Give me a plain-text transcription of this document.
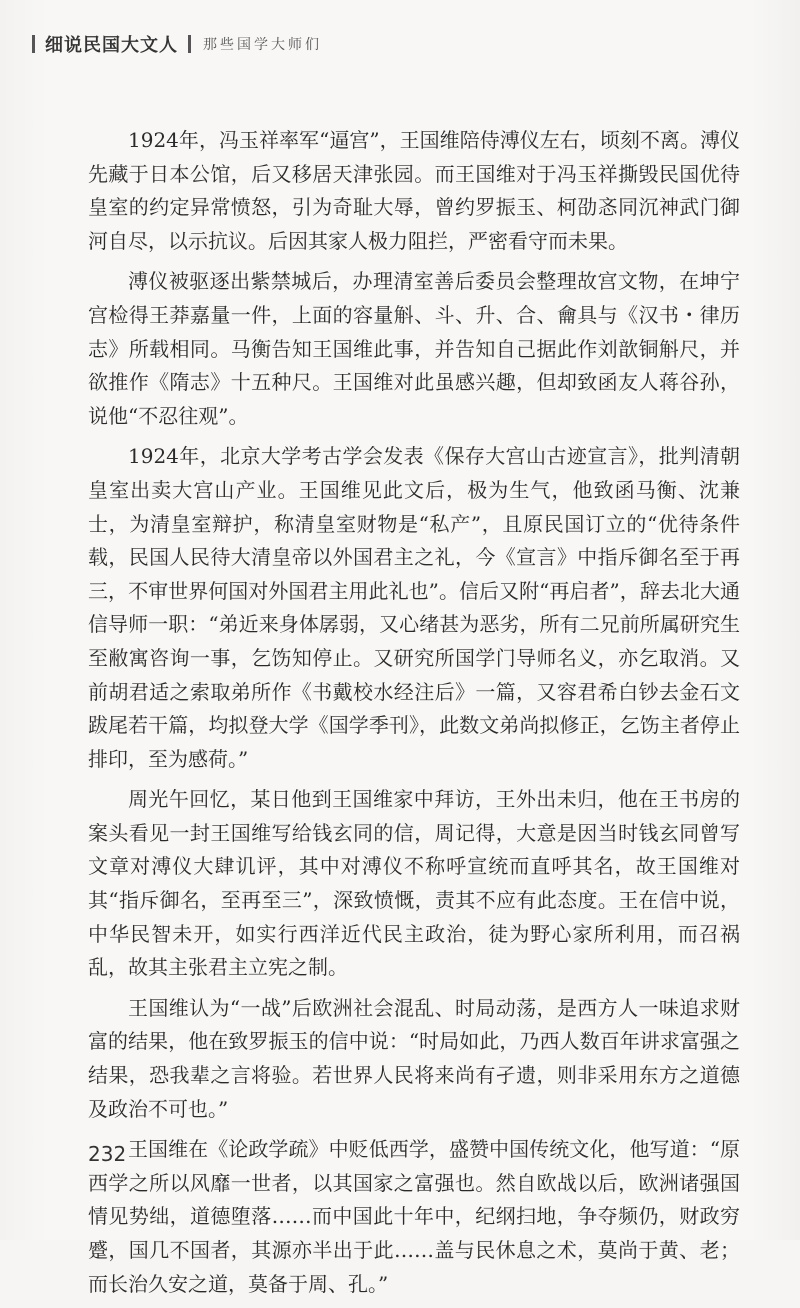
细说民国大文人 那些国学大师们

1924年，冯玉祥率军“逼宫”，王国维陪侍溥仪左右，顷刻不离。溥仪先藏于日本公馆，后又移居天津张园。而王国维对于冯玉祥撕毁民国优待皇室的约定异常愤怒，引为奇耻大辱，曾约罗振玉、柯劭忞同沉神武门御河自尽，以示抗议。后因其家人极力阻拦，严密看守而未果。

溥仪被驱逐出紫禁城后，办理清室善后委员会整理故宫文物，在坤宁宫检得王莽嘉量一件，上面的容量斛、斗、升、合、龠具与《汉书・律历志》所载相同。马衡告知王国维此事，并告知自己据此作刘歆铜斛尺，并欲推作《隋志》十五种尺。王国维对此虽感兴趣，但却致函友人蒋谷孙，说他“不忍往观”。

1924年，北京大学考古学会发表《保存大宫山古迹宣言》，批判清朝皇室出卖大宫山产业。王国维见此文后，极为生气，他致函马衡、沈兼士，为清皇室辩护，称清皇室财物是“私产”，且原民国订立的“优待条件载，民国人民待大清皇帝以外国君主之礼，今《宣言》中指斥御名至于再三，不审世界何国对外国君主用此礼也”。信后又附“再启者”，辞去北大通信导师一职：“弟近来身体孱弱，又心绪甚为恶劣，所有二兄前所属研究生至敝寓咨询一事，乞饬知停止。又研究所国学门导师名义，亦乞取消。又前胡君适之索取弟所作《书戴校水经注后》一篇，又容君希白钞去金石文跋尾若干篇，均拟登大学《国学季刊》，此数文弟尚拟修正，乞饬主者停止排印，至为感荷。”

周光午回忆，某日他到王国维家中拜访，王外出未归，他在王书房的案头看见一封王国维写给钱玄同的信，周记得，大意是因当时钱玄同曾写文章对溥仪大肆讥评，其中对溥仪不称呼宣统而直呼其名，故王国维对其“指斥御名，至再至三”，深致愤慨，责其不应有此态度。王在信中说，中华民智未开，如实行西洋近代民主政治，徒为野心家所利用，而召祸乱，故其主张君主立宪之制。

王国维认为“一战”后欧洲社会混乱、时局动荡，是西方人一味追求财富的结果，他在致罗振玉的信中说：“时局如此，乃西人数百年讲求富强之结果，恐我辈之言将验。若世界人民将来尚有孑遗，则非采用东方之道德及政治不可也。”

王国维在《论政学疏》中贬低西学，盛赞中国传统文化，他写道：“原西学之所以风靡一世者，以其国家之富强也。然自欧战以后，欧洲诸强国情见势绌，道德堕落……而中国此十年中，纪纲扫地，争夺频仍，财政穷蹙，国几不国者，其源亦半出于此……盖与民休息之术，莫尚于黄、老；而长治久安之道，莫备于周、孔。”

232
